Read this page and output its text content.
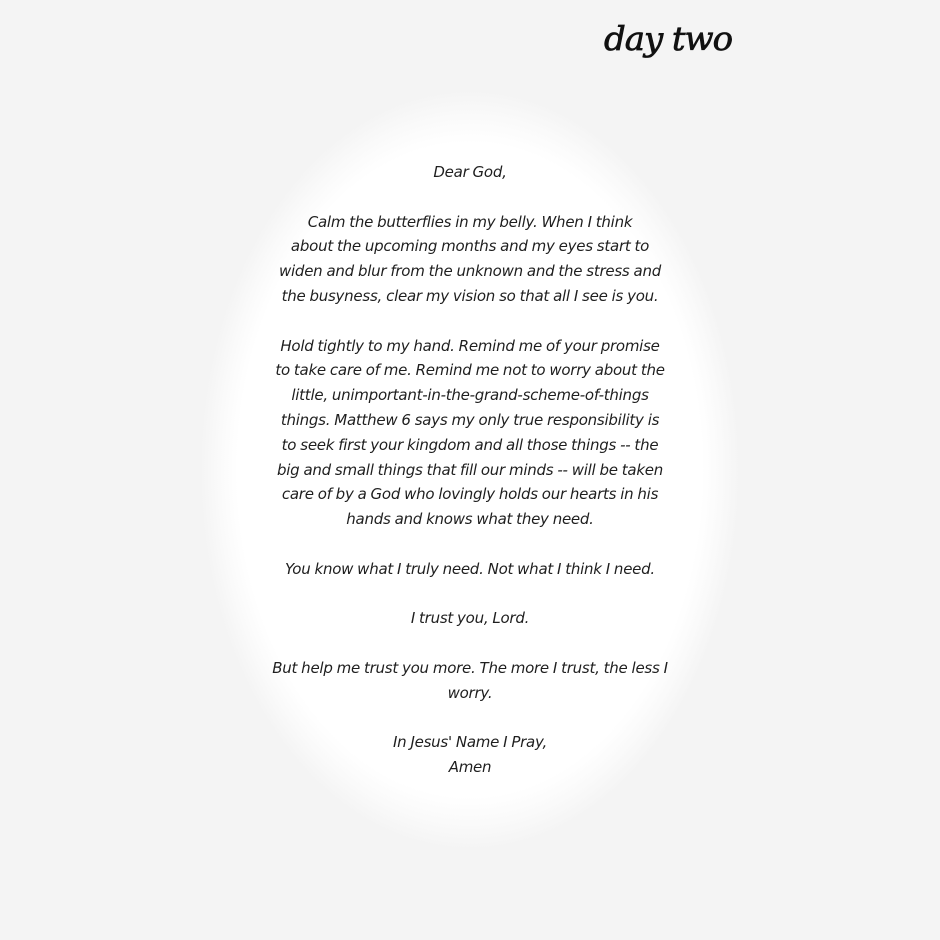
day two

Dear God,

Calm the butterflies in my belly. When I think
about the upcoming months and my eyes start to
widen and blur from the unknown and the stress and
the busyness, clear my vision so that all I see is you.

Hold tightly to my hand. Remind me of your promise
to take care of me. Remind me not to worry about the
little, unimportant-in-the-grand-scheme-of-things
things. Matthew 6 says my only true responsibility is
to seek first your kingdom and all those things -- the
big and small things that fill our minds -- will be taken
care of by a God who lovingly holds our hearts in his
hands and knows what they need.

You know what I truly need. Not what I think I need.

I trust you, Lord.

But help me trust you more. The more I trust, the less I
worry.

In Jesus' Name I Pray,
Amen
